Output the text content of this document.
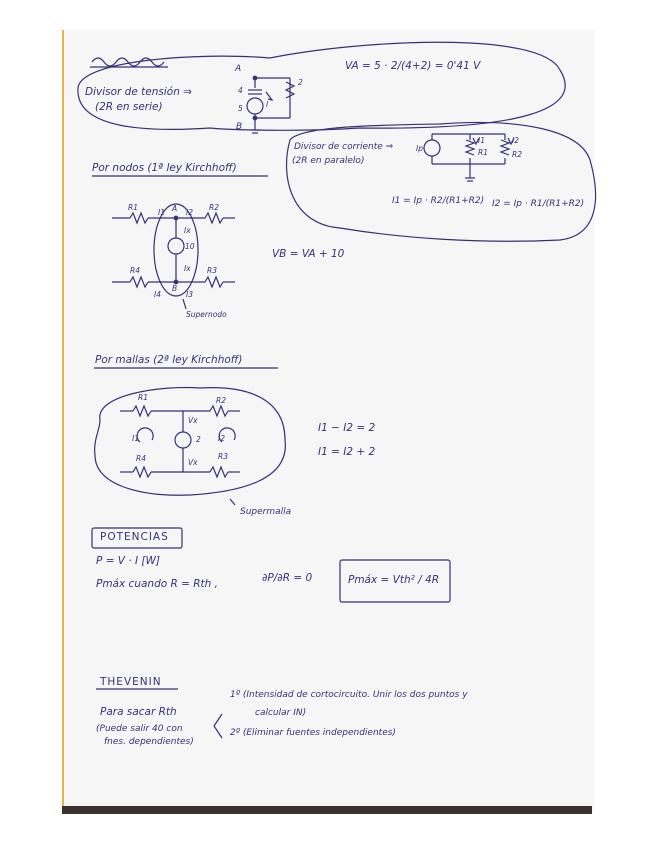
Divisor de tensión ⇒
(2R en serie)
A
B
4
5
2
I
VA = 5 · 2/(4+2) = 0'41 V
Divisor de corriente ⇒
(2R en paralelo)
Ip
I1	I2
R1	R2
I1 = Ip · R2/(R1+R2) I2 = Ip · R1/(R1+R2)
Por nodos (1ª ley Kirchhoff)
R1	R2
I1 A I2
Ix
10
Ix
R4	R3
B
I4	I3
Supernodo
VB = VA + 10
Por mallas (2ª ley Kirchhoff)
R1	R2
Vx
2
I1	I2
R4	Vx
R3
Supermalla
I1 − I2 = 2
I1 = I2 + 2
POTENCIAS
P = V · I [W]
Pmáx cuando R = Rth ,	∂P/∂R = 0	Pmáx = Vth² / 4R
THEVENIN
Para sacar Rth
(Puede salir 40 con
fnes. dependientes)
1º (Intensidad de cortocircuito. Unir los dos puntos y
calcular IN)
2º (Eliminar fuentes independientes)
